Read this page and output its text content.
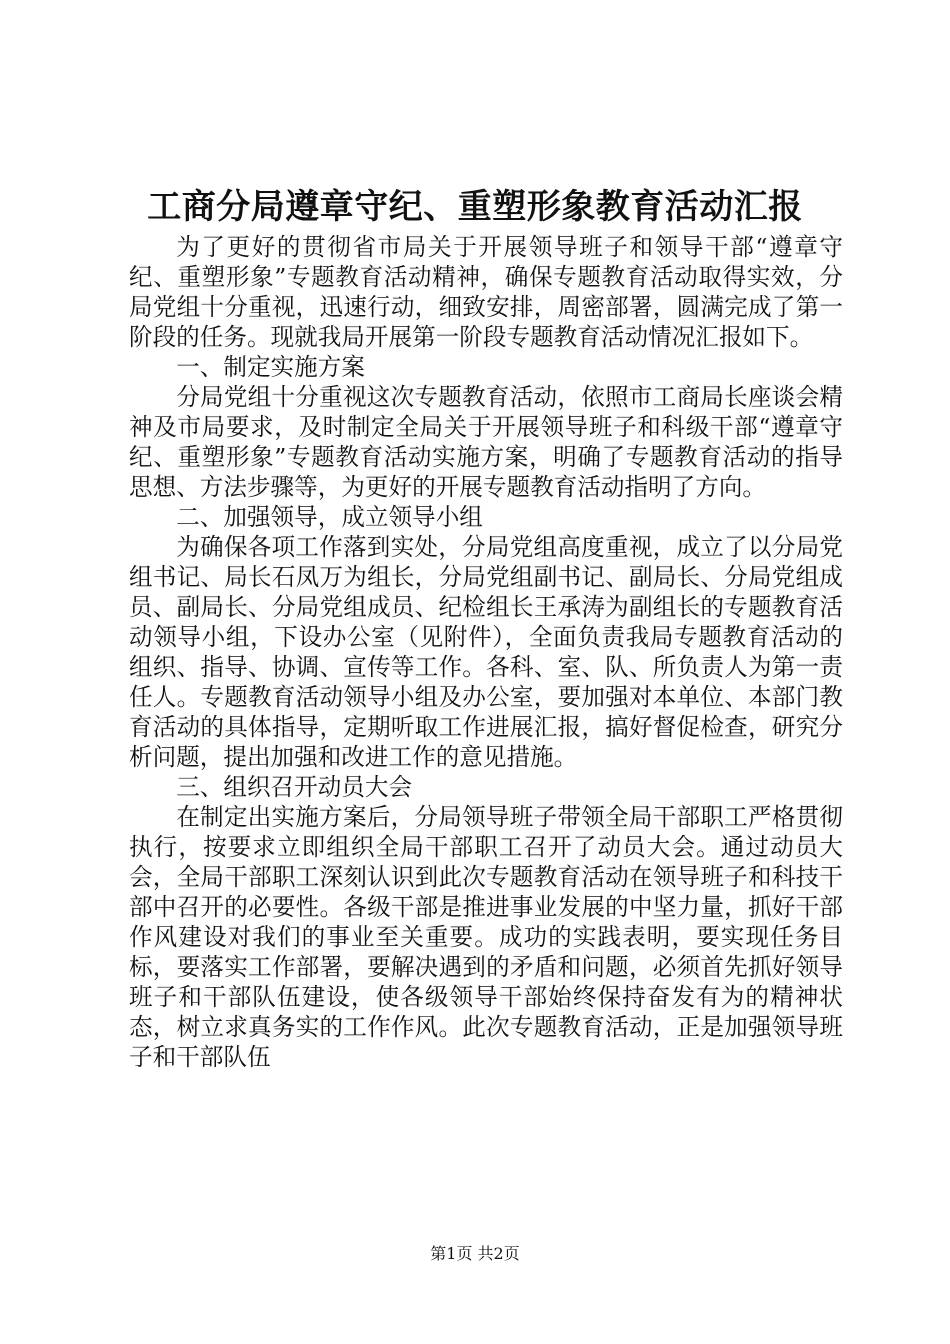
工商分局遵章守纪、重塑形象教育活动汇报

为了更好的贯彻省市局关于开展领导班子和领导干部“遵章守纪、重塑形象”专题教育活动精神，确保专题教育活动取得实效，分局党组十分重视，迅速行动，细致安排，周密部署，圆满完成了第一阶段的任务。现就我局开展第一阶段专题教育活动情况汇报如下。

一、制定实施方案

分局党组十分重视这次专题教育活动，依照市工商局长座谈会精神及市局要求，及时制定全局关于开展领导班子和科级干部“遵章守纪、重塑形象”专题教育活动实施方案，明确了专题教育活动的指导思想、方法步骤等，为更好的开展专题教育活动指明了方向。

二、加强领导，成立领导小组

为确保各项工作落到实处，分局党组高度重视，成立了以分局党组书记、局长石凤万为组长，分局党组副书记、副局长、分局党组成员、副局长、分局党组成员、纪检组长王承涛为副组长的专题教育活动领导小组，下设办公室（见附件），全面负责我局专题教育活动的组织、指导、协调、宣传等工作。各科、室、队、所负责人为第一责任人。专题教育活动领导小组及办公室，要加强对本单位、本部门教育活动的具体指导，定期听取工作进展汇报，搞好督促检查，研究分析问题，提出加强和改进工作的意见措施。

三、组织召开动员大会

在制定出实施方案后，分局领导班子带领全局干部职工严格贯彻执行，按要求立即组织全局干部职工召开了动员大会。通过动员大会，全局干部职工深刻认识到此次专题教育活动在领导班子和科技干部中召开的必要性。各级干部是推进事业发展的中坚力量，抓好干部作风建设对我们的事业至关重要。成功的实践表明，要实现任务目标，要落实工作部署，要解决遇到的矛盾和问题，必须首先抓好领导班子和干部队伍建设，使各级领导干部始终保持奋发有为的精神状态，树立求真务实的工作作风。此次专题教育活动，正是加强领导班子和干部队伍

第1页 共2页
